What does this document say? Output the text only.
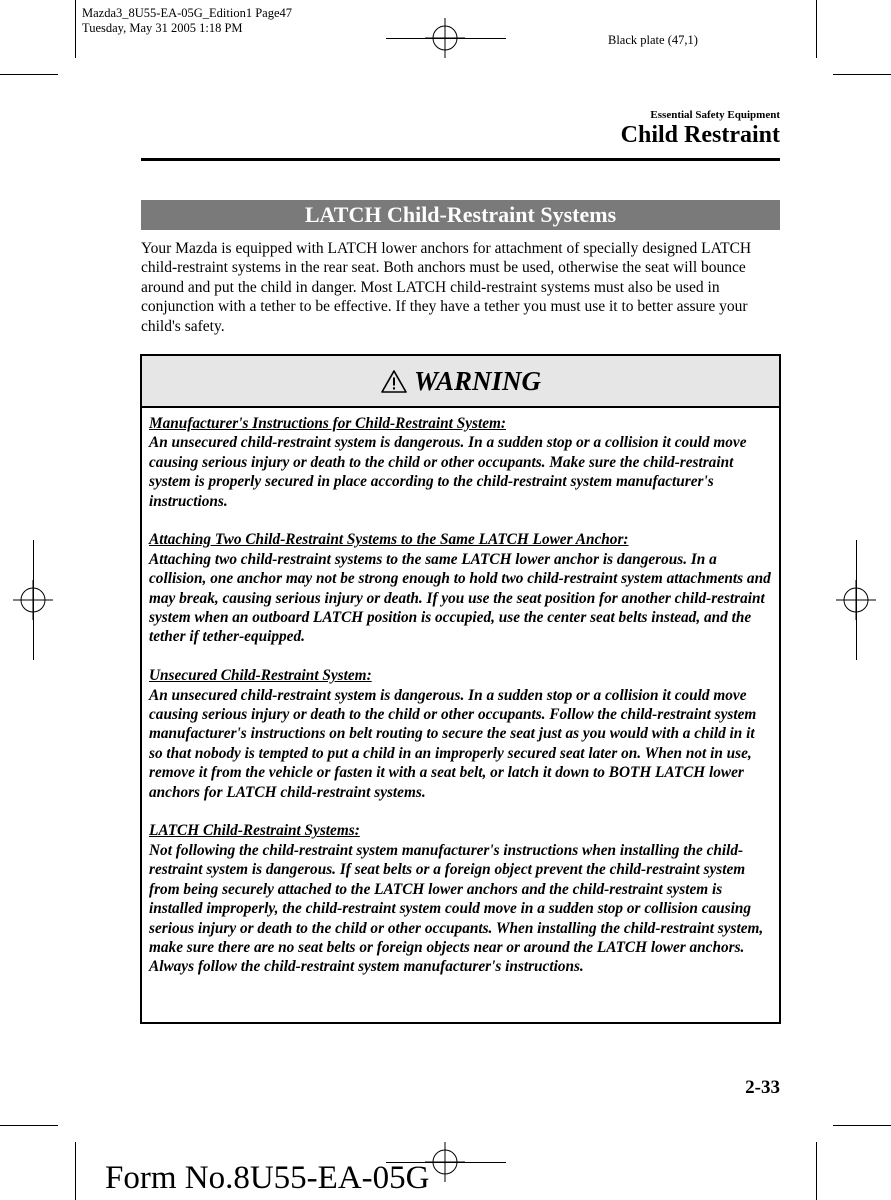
Mazda3_8U55-EA-05G_Edition1 Page47
Tuesday, May 31 2005 1:18 PM
Black plate (47,1)
Essential Safety Equipment
Child Restraint
LATCH Child-Restraint Systems
Your Mazda is equipped with LATCH lower anchors for attachment of specially designed LATCH child-restraint systems in the rear seat. Both anchors must be used, otherwise the seat will bounce around and put the child in danger. Most LATCH child-restraint systems must also be used in conjunction with a tether to be effective. If they have a tether you must use it to better assure your child's safety.
WARNING
Manufacturer's Instructions for Child-Restraint System:
An unsecured child-restraint system is dangerous. In a sudden stop or a collision it could move causing serious injury or death to the child or other occupants. Make sure the child-restraint system is properly secured in place according to the child-restraint system manufacturer's instructions.
Attaching Two Child-Restraint Systems to the Same LATCH Lower Anchor:
Attaching two child-restraint systems to the same LATCH lower anchor is dangerous. In a collision, one anchor may not be strong enough to hold two child-restraint system attachments and may break, causing serious injury or death. If you use the seat position for another child-restraint system when an outboard LATCH position is occupied, use the center seat belts instead, and the tether if tether-equipped.
Unsecured Child-Restraint System:
An unsecured child-restraint system is dangerous. In a sudden stop or a collision it could move causing serious injury or death to the child or other occupants. Follow the child-restraint system manufacturer's instructions on belt routing to secure the seat just as you would with a child in it so that nobody is tempted to put a child in an improperly secured seat later on. When not in use, remove it from the vehicle or fasten it with a seat belt, or latch it down to BOTH LATCH lower anchors for LATCH child-restraint systems.
LATCH Child-Restraint Systems:
Not following the child-restraint system manufacturer's instructions when installing the child-restraint system is dangerous. If seat belts or a foreign object prevent the child-restraint system from being securely attached to the LATCH lower anchors and the child-restraint system is installed improperly, the child-restraint system could move in a sudden stop or collision causing serious injury or death to the child or other occupants. When installing the child-restraint system, make sure there are no seat belts or foreign objects near or around the LATCH lower anchors. Always follow the child-restraint system manufacturer's instructions.
2-33
Form No.8U55-EA-05G
